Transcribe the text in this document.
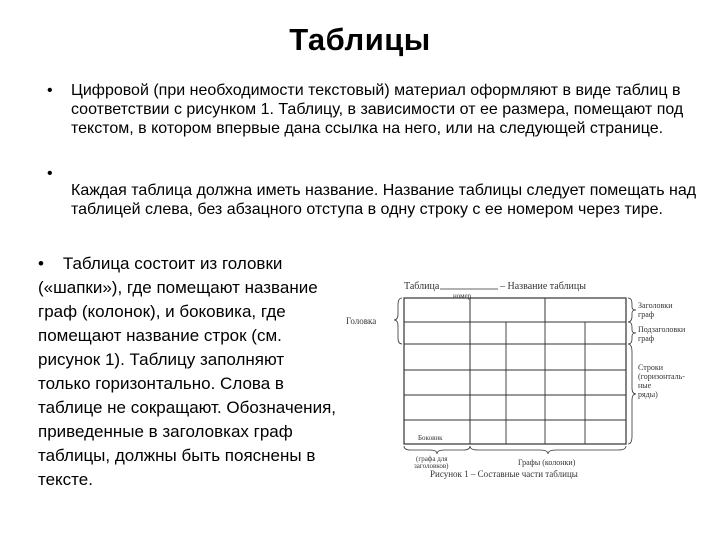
Таблицы
• Цифровой (при необходимости текстовый) материал оформляют в виде таблиц в соответствии с рисунком 1. Таблицу, в зависимости от ее размера, помещают под текстом, в котором впервые дана ссылка на него, или на следующей странице.
•
Каждая таблица должна иметь название. Название таблицы следует помещать над таблицей слева, без абзацного отступа в одну строку с ее номером через тире.
• Таблица состоит из головки («шапки»), где помещают название граф (колонок), и боковика, где помещают название строк (см. рисунок 1). Таблицу заполняют только горизонтально. Слова в таблице не сокращают. Обозначения, приведенные в заголовках граф таблицы, должны быть пояснены в тексте.
Таблица	– Название таблицы
номер
Головка
Заголовки
граф
Подзаголовки
граф
Строки
(горизонталь-
ные
ряды)
Боковик
(графа для
заголовков)	Графы (колонки)
Рисунок 1 – Составные части таблицы
